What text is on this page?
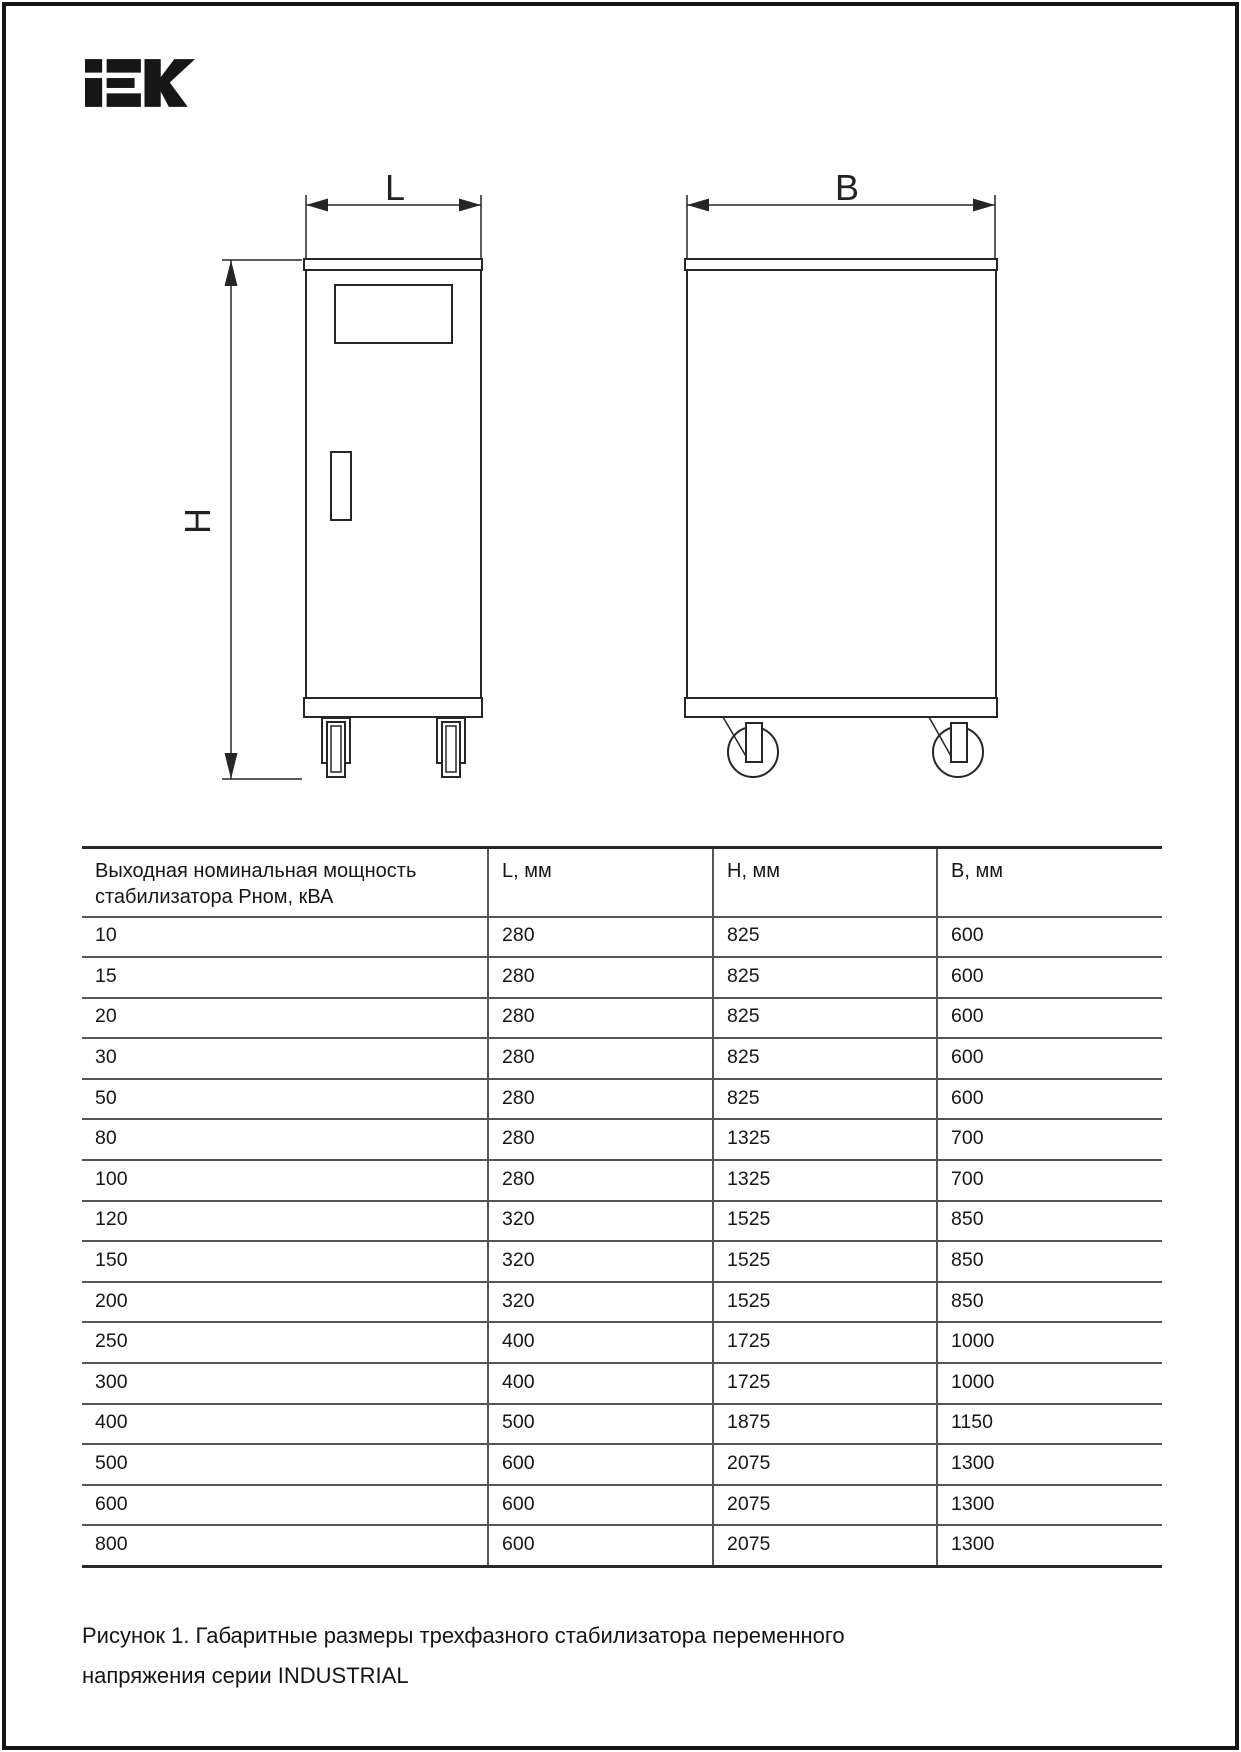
L
H
B
Выходная номинальная мощность стабилизатора Рном, кВА	L, мм	H, мм	B, мм
10	280	825	600
15	280	825	600
20	280	825	600
30	280	825	600
50	280	825	600
80	280	1325	700
100	280	1325	700
120	320	1525	850
150	320	1525	850
200	320	1525	850
250	400	1725	1000
300	400	1725	1000
400	500	1875	1150
500	600	2075	1300
600	600	2075	1300
800	600	2075	1300
Рисунок 1. Габаритные размеры трехфазного стабилизатора переменного напряжения серии INDUSTRIAL
